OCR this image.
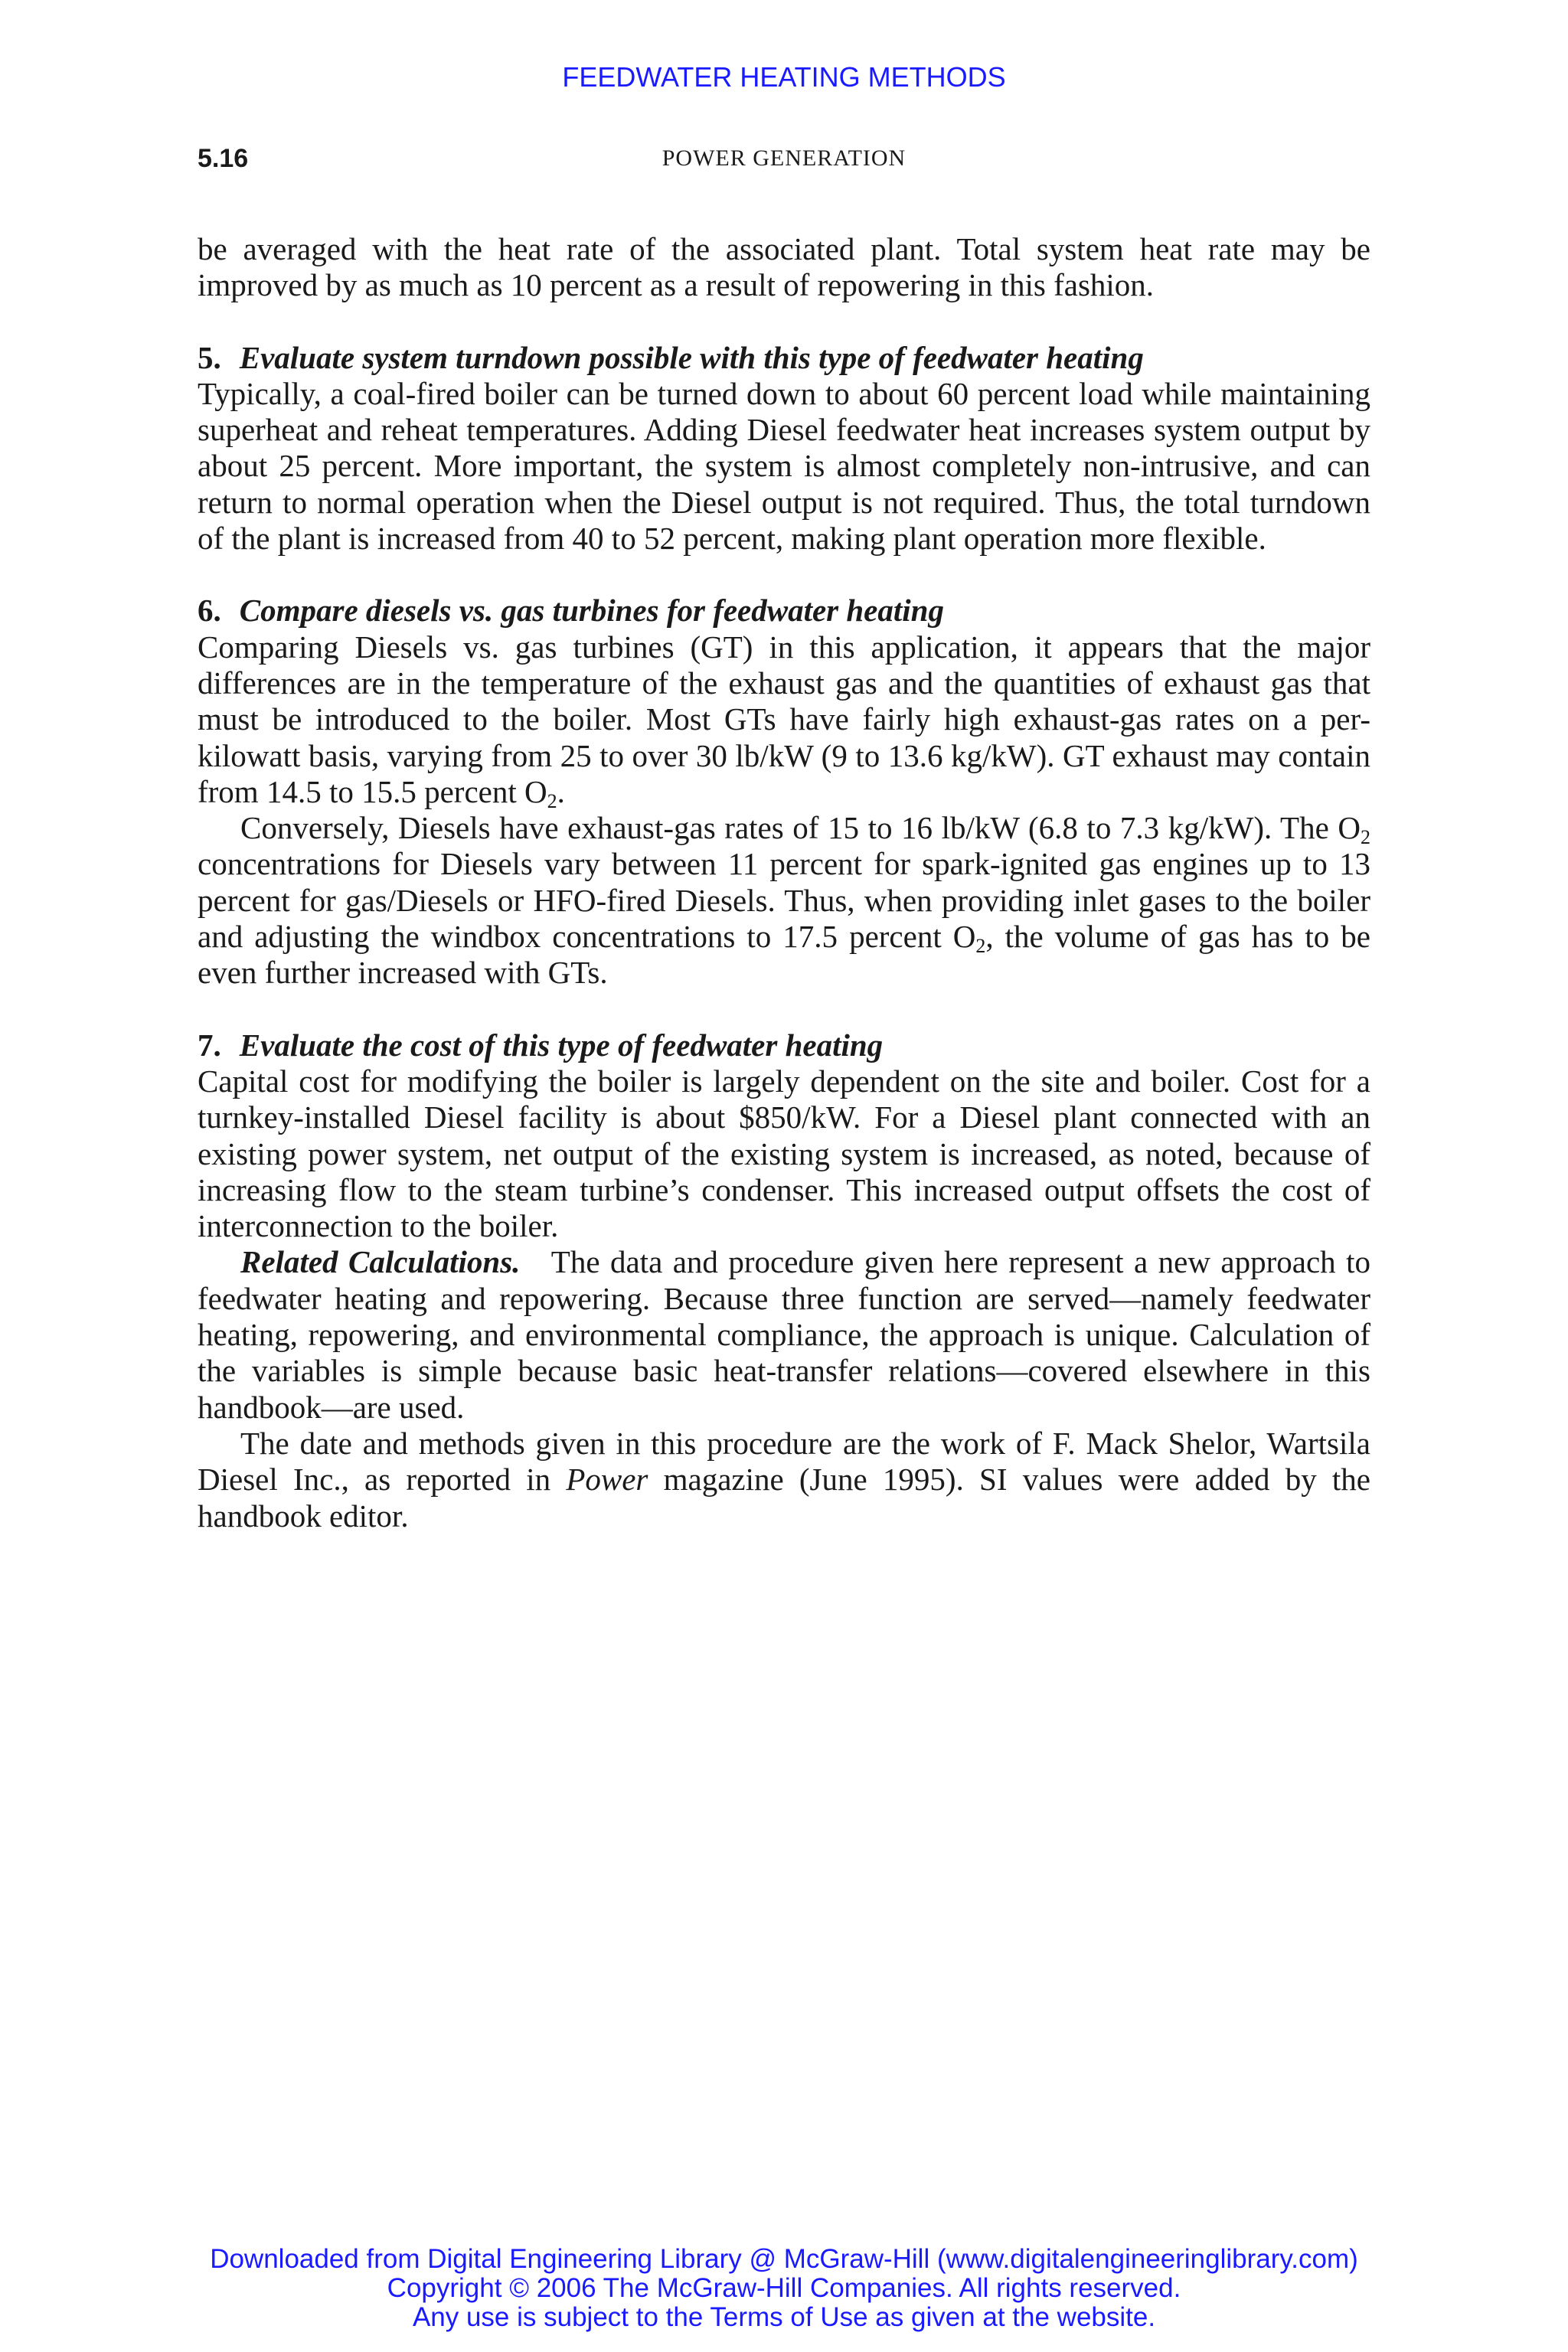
FEEDWATER HEATING METHODS
5.16	POWER GENERATION

be averaged with the heat rate of the associated plant. Total system heat rate may be improved by as much as 10 percent as a result of repowering in this fashion.

5. Evaluate system turndown possible with this type of feedwater heating

Typically, a coal-fired boiler can be turned down to about 60 percent load while maintaining superheat and reheat temperatures. Adding Diesel feedwater heat increases system output by about 25 percent. More important, the system is almost completely non-intrusive, and can return to normal operation when the Diesel output is not required. Thus, the total turndown of the plant is increased from 40 to 52 percent, making plant operation more flexible.

6. Compare diesels vs. gas turbines for feedwater heating

Comparing Diesels vs. gas turbines (GT) in this application, it appears that the major differences are in the temperature of the exhaust gas and the quantities of exhaust gas that must be introduced to the boiler. Most GTs have fairly high exhaust-gas rates on a per-kilowatt basis, varying from 25 to over 30 lb/kW (9 to 13.6 kg/kW). GT exhaust may contain from 14.5 to 15.5 percent $O_2$.

Conversely, Diesels have exhaust-gas rates of 15 to 16 lb/kW (6.8 to 7.3 kg/kW). The $O_2$ concentrations for Diesels vary between 11 percent for spark-ignited gas engines up to 13 percent for gas/Diesels or HFO-fired Diesels. Thus, when providing inlet gases to the boiler and adjusting the windbox concentrations to 17.5 percent $O_2$, the volume of gas has to be even further increased with GTs.

7. Evaluate the cost of this type of feedwater heating

Capital cost for modifying the boiler is largely dependent on the site and boiler. Cost for a turnkey-installed Diesel facility is about $850/kW. For a Diesel plant connected with an existing power system, net output of the existing system is increased, as noted, because of increasing flow to the steam turbine’s condenser. This increased output offsets the cost of interconnection to the boiler.

Related Calculations. The data and procedure given here represent a new approach to feedwater heating and repowering. Because three function are served—namely feedwater heating, repowering, and environmental compliance, the approach is unique. Calculation of the variables is simple because basic heat-transfer relations—covered elsewhere in this handbook—are used.

The date and methods given in this procedure are the work of F. Mack Shelor, Wartsila Diesel Inc., as reported in Power magazine (June 1995). SI values were added by the handbook editor.

Downloaded from Digital Engineering Library @ McGraw-Hill (www.digitalengineeringlibrary.com)
Copyright © 2006 The McGraw-Hill Companies. All rights reserved.
Any use is subject to the Terms of Use as given at the website.
